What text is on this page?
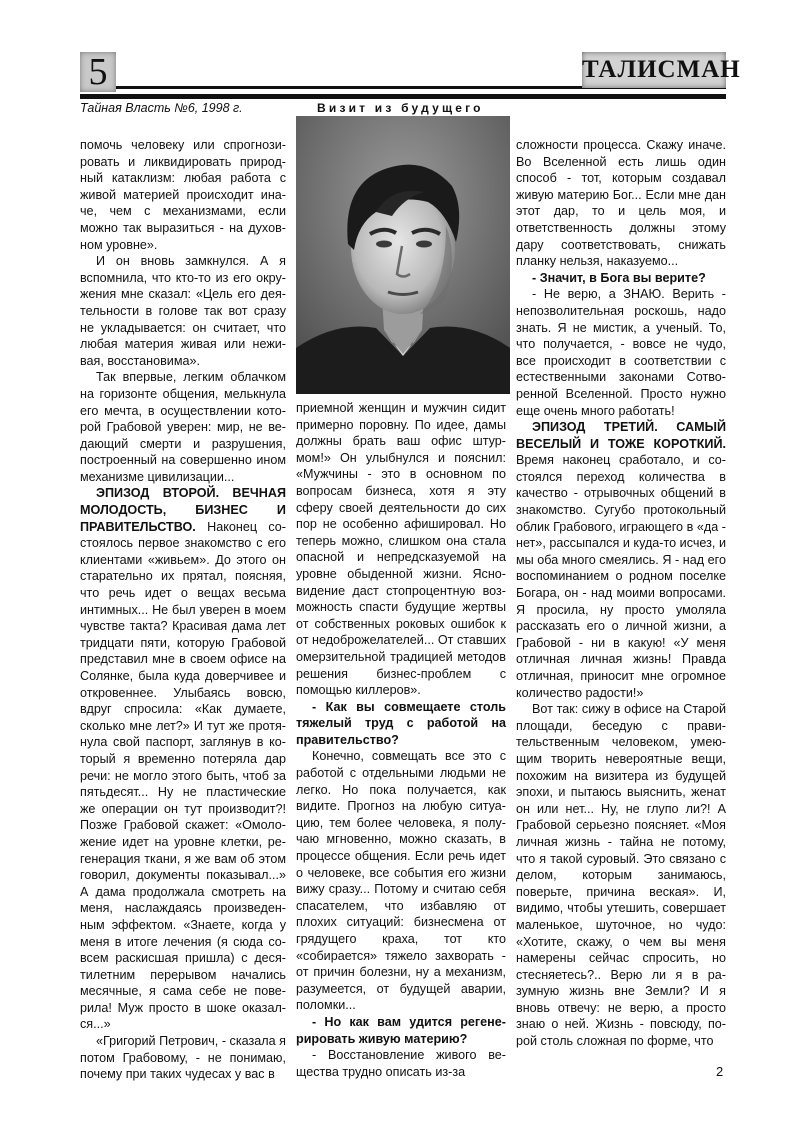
5	ТАЛИСМАН
Тайная Власть №6, 1998 г.	Визит из будущего

помочь человеку или спрогнозировать и ликвидировать природный катаклизм: любая работа с живой материей происходит иначе, чем с механизмами, если можно так выразиться - на духовном уровне».

И он вновь замкнулся. А я вспомнила, что кто-то из его окружения мне сказал: «Цель его деятельности в голове так вот сразу не укладывается: он считает, что любая материя живая или неживая, восстановима».

Так впервые, легким облачком на горизонте общения, мелькнула его мечта, в осуществлении которой Грабовой уверен: мир, не ведающий смерти и разрушения, построенный на совершенно ином механизме цивилизации...

ЭПИЗОД ВТОРОЙ. ВЕЧНАЯ МОЛОДОСТЬ, БИЗНЕС И ПРАВИТЕЛЬСТВО. Наконец состоялось первое знакомство с его клиентами «живьем». До этого он старательно их прятал, поясняя, что речь идет о вещах весьма интимных... Не был уверен в моем чувстве такта? Красивая дама лет тридцати пяти, которую Грабовой представил мне в своем офисе на Солянке, была куда доверчивее и откровеннее. Улыбаясь вовсю, вдруг спросила: «Как думаете, сколько мне лет?» И тут же протянула свой паспорт, заглянув в который я временно потеряла дар речи: не могло этого быть, чтоб за пятьдесят... Ну не пластические же операции он тут производит?! Позже Грабовой скажет: «Омоложение идет на уровне клетки, регенерация ткани, я же вам об этом говорил, документы показывал...» А дама продолжала смотреть на меня, наслаждаясь произведенным эффектом. «Знаете, когда у меня в итоге лечения (я сюда совсем раскисшая пришла) с десятилетним перерывом начались месячные, я сама себе не поверила! Муж просто в шоке оказался...»

«Григорий Петрович, - сказала я потом Грабовому, - не понимаю, почему при таких чудесах у вас в

приемной женщин и мужчин сидит примерно поровну. По идее, дамы должны брать ваш офис штурмом!» Он улыбнулся и пояснил: «Мужчины - это в основном по вопросам бизнеса, хотя я эту сферу своей деятельности до сих пор не особенно афишировал. Но теперь можно, слишком она стала опасной и непредсказуемой на уровне обыденной жизни. Ясновидение даст стопроцентную возможность спасти будущие жертвы от собственных роковых ошибок к от недоброжелателей... От ставших омерзительной традицией методов решения бизнес-проблем с помощью киллеров».

- Как вы совмещаете столь тяжелый труд с работой на правительство?

Конечно, совмещать все это с работой с отдельными людьми не легко. Но пока получается, как видите. Прогноз на любую ситуацию, тем более человека, я получаю мгновенно, можно сказать, в процессе общения. Если речь идет о человеке, все события его жизни вижу сразу... Потому и считаю себя спасателем, что избавляю от плохих ситуаций: бизнесмена от грядущего краха, тот кто «собирается» тяжело захворать - от причин болезни, ну а механизм, разумеется, от будущей аварии, поломки...

- Но как вам удится регенерировать живую материю?

- Восстановление живого вещества трудно описать из-за

сложности процесса. Скажу иначе. Во Вселенной есть лишь один способ - тот, которым создавал живую материю Бог... Если мне дан этот дар, то и цель моя, и ответственность должны этому дару соответствовать, снижать планку нельзя, наказуемо...

- Значит, в Бога вы верите?

- Не верю, а ЗНАЮ. Верить - непозволительная роскошь, надо знать. Я не мистик, а ученый. То, что получается, - вовсе не чудо, все происходит в соответствии с естественными законами Сотворенной Вселенной. Просто нужно еще очень много работать!

ЭПИЗОД ТРЕТИЙ. САМЫЙ ВЕСЕЛЫЙ И ТОЖЕ КОРОТКИЙ. Время наконец сработало, и состоялся переход количества в качество - отрывочных общений в знакомство. Сугубо протокольный облик Грабового, играющего в «да - нет», рассыпался и куда-то исчез, и мы оба много смеялись. Я - над его воспоминанием о родном поселке Богара, он - над моими вопросами. Я просила, ну просто умоляла рассказать его о личной жизни, а Грабовой - ни в какую! «У меня отличная личная жизнь! Правда отличная, приносит мне огромное количество радости!»

Вот так: сижу в офисе на Старой площади, беседую с правительственным человеком, умеющим творить невероятные вещи, похожим на визитера из будущей эпохи, и пытаюсь выяснить, женат он или нет... Ну, не глупо ли?! А Грабовой серьезно поясняет. «Моя личная жизнь - тайна не потому, что я такой суровый. Это связано с делом, которым занимаюсь, поверьте, причина веская». И, видимо, чтобы утешить, совершает маленькое, шуточное, но чудо: «Хотите, скажу, о чем вы меня намерены сейчас спросить, но стесняетесь?.. Верю ли я в разумную жизнь вне Земли? И я вновь отвечу: не верю, а просто знаю о ней. Жизнь - повсюду, порой столь сложная по форме, что

2
